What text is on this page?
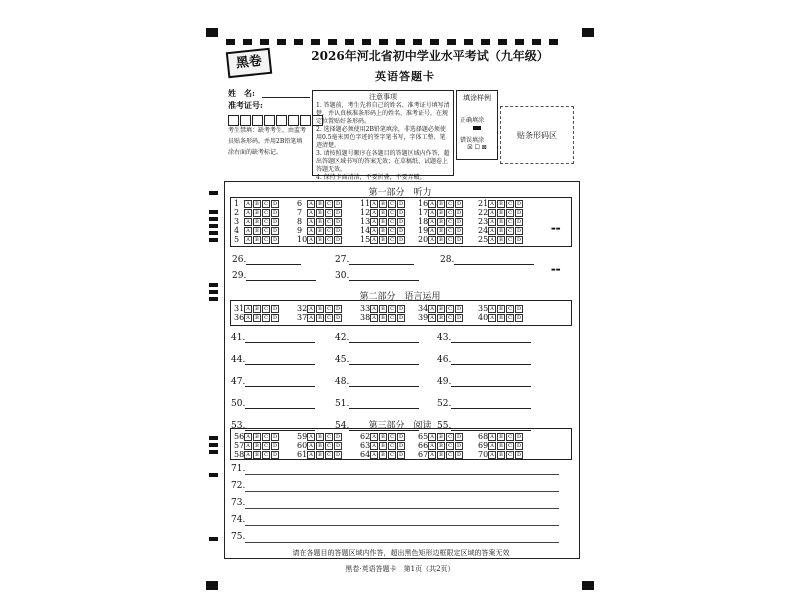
黑卷	2026年河北省初中学业水平考试（九年级）
英语答题卡
姓　名:
准考证号:
考生禁填：缺考考生，由监考员贴条形码，并用2B铅笔填涂右面的缺考标记。
注意事项
1. 答题前，考生先将自己的姓名、准考证号填写清楚，并认真核准条形码上的姓名、准考证号，在规定位置贴好条形码。
2. 选择题必须使用2B铅笔填涂，非选择题必须使用0.5毫米黑色字迹的签字笔书写，字体工整、笔迹清楚。
3. 请按照题号顺序在各题目的答题区域内作答，超出答题区域书写的答案无效；在草稿纸、试题卷上答题无效。
4. 保持卡面清洁，不要折叠，不要弄破。
填涂样例
正确填涂
错误填涂
☒ ☐ ⊠
贴条形码区
第一部分　听力
1 A B C D	6 A B C D	11 A B C D	16 A B C D	21 A B C D
2 A B C D	7 A B C D	12 A B C D	17 A B C D	22 A B C D
3 A B C D	8 A B C D	13 A B C D	18 A B C D	23 A B C D
4 A B C D	9 A B C D	14 A B C D	19 A B C D	24 A B C D
5 A B C D	10 A B C D	15 A B C D	20 A B C D	25 A B C D
▬▬
26.	27.	28.
29.	30.
▬▬
第二部分　语言运用
31 A B C D	32 A B C D	33 A B C D	34 A B C D	35 A B C D
36 A B C D	37 A B C D	38 A B C D	39 A B C D	40 A B C D
41.	42.	43.
44.	45.	46.
47.	48.	49.
50.	51.	52.
53.	54.	55.
第三部分　阅读
56 A B C D	59 A B C D	62 A B C D	65 A B C D	68 A B C D
57 A B C D	60 A B C D	63 A B C D	66 A B C D	69 A B C D
58 A B C D	61 A B C D	64 A B C D	67 A B C D	70 A B C D
71.
72.
73.
74.
75.
请在各题目的答题区域内作答，超出黑色矩形边框限定区域的答案无效
黑卷·英语答题卡　第1页（共2页）
